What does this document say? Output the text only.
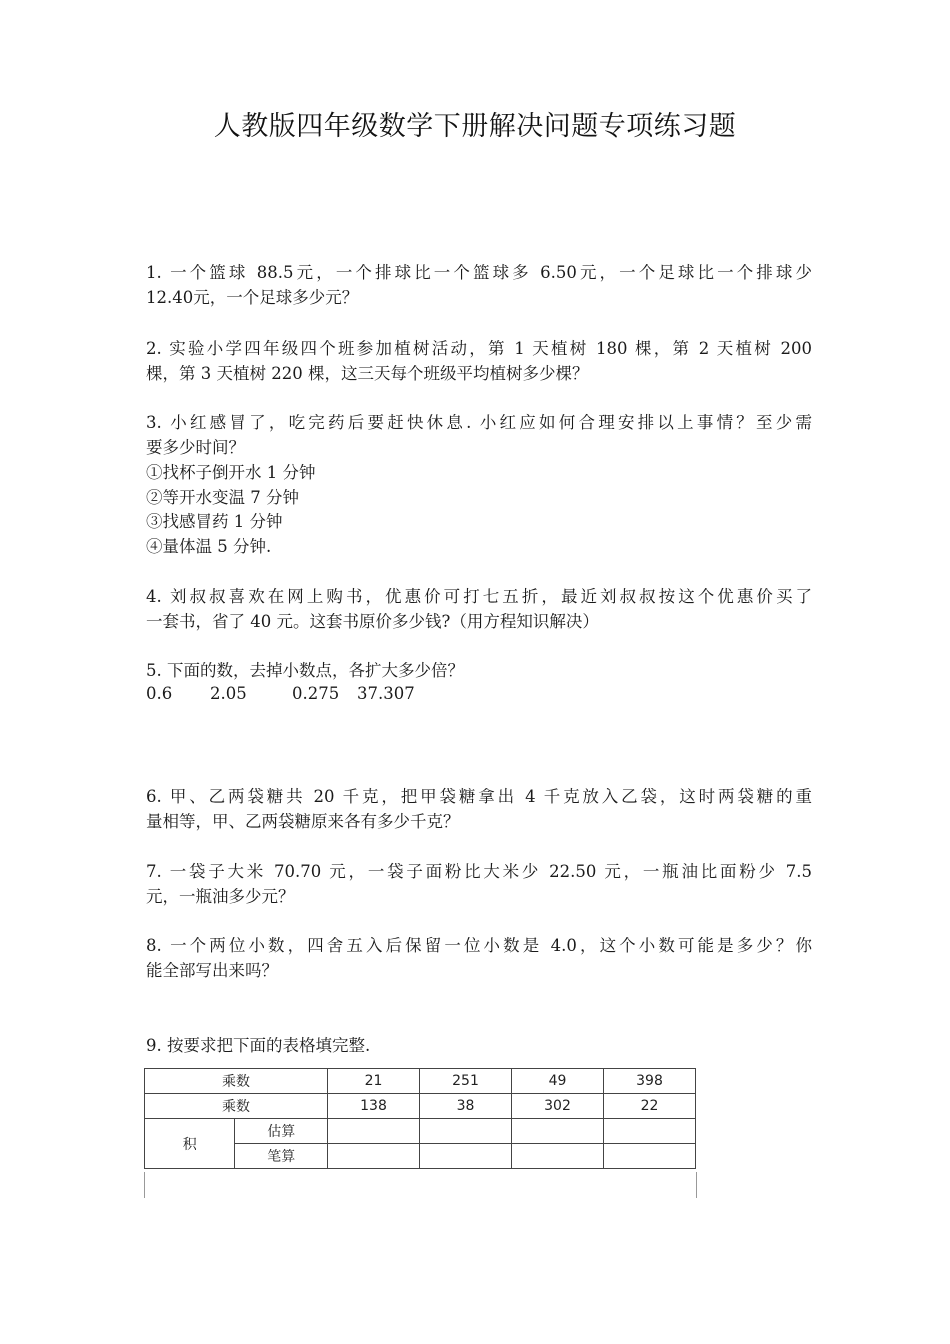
人教版四年级数学下册解决问题专项练习题
1. 一个篮球 88.5元，一个排球比一个篮球多 6.50元，一个足球比一个排球少
12.40元，一个足球多少元？
2. 实验小学四年级四个班参加植树活动，第 1 天植树 180 棵，第 2 天植树 200
棵，第 3 天植树 220 棵，这三天每个班级平均植树多少棵？
3. 小红感冒了，吃完药后要赶快休息. 小红应如何合理安排以上事情？至少需
要多少时间？
①找杯子倒开水 1 分钟
②等开水变温 7 分钟
③找感冒药 1 分钟
④量体温 5 分钟.
4. 刘叔叔喜欢在网上购书，优惠价可打七五折，最近刘叔叔按这个优惠价买了
一套书，省了 40 元。这套书原价多少钱?（用方程知识解决）
5. 下面的数，去掉小数点，各扩大多少倍？
0.6 2.05	0.275 37.307
6. 甲、乙两袋糖共 20 千克，把甲袋糖拿出 4 千克放入乙袋，这时两袋糖的重
量相等，甲、乙两袋糖原来各有多少千克？
7. 一袋子大米 70.70 元，一袋子面粉比大米少 22.50 元，一瓶油比面粉少 7.5
元，一瓶油多少元？
8. 一个两位小数，四舍五入后保留一位小数是 4.0，这个小数可能是多少？你
能全部写出来吗？
9. 按要求把下面的表格填完整.
乘数		21	251	49	398
乘数		138	38	302	22
积	估算				
	笔算				
